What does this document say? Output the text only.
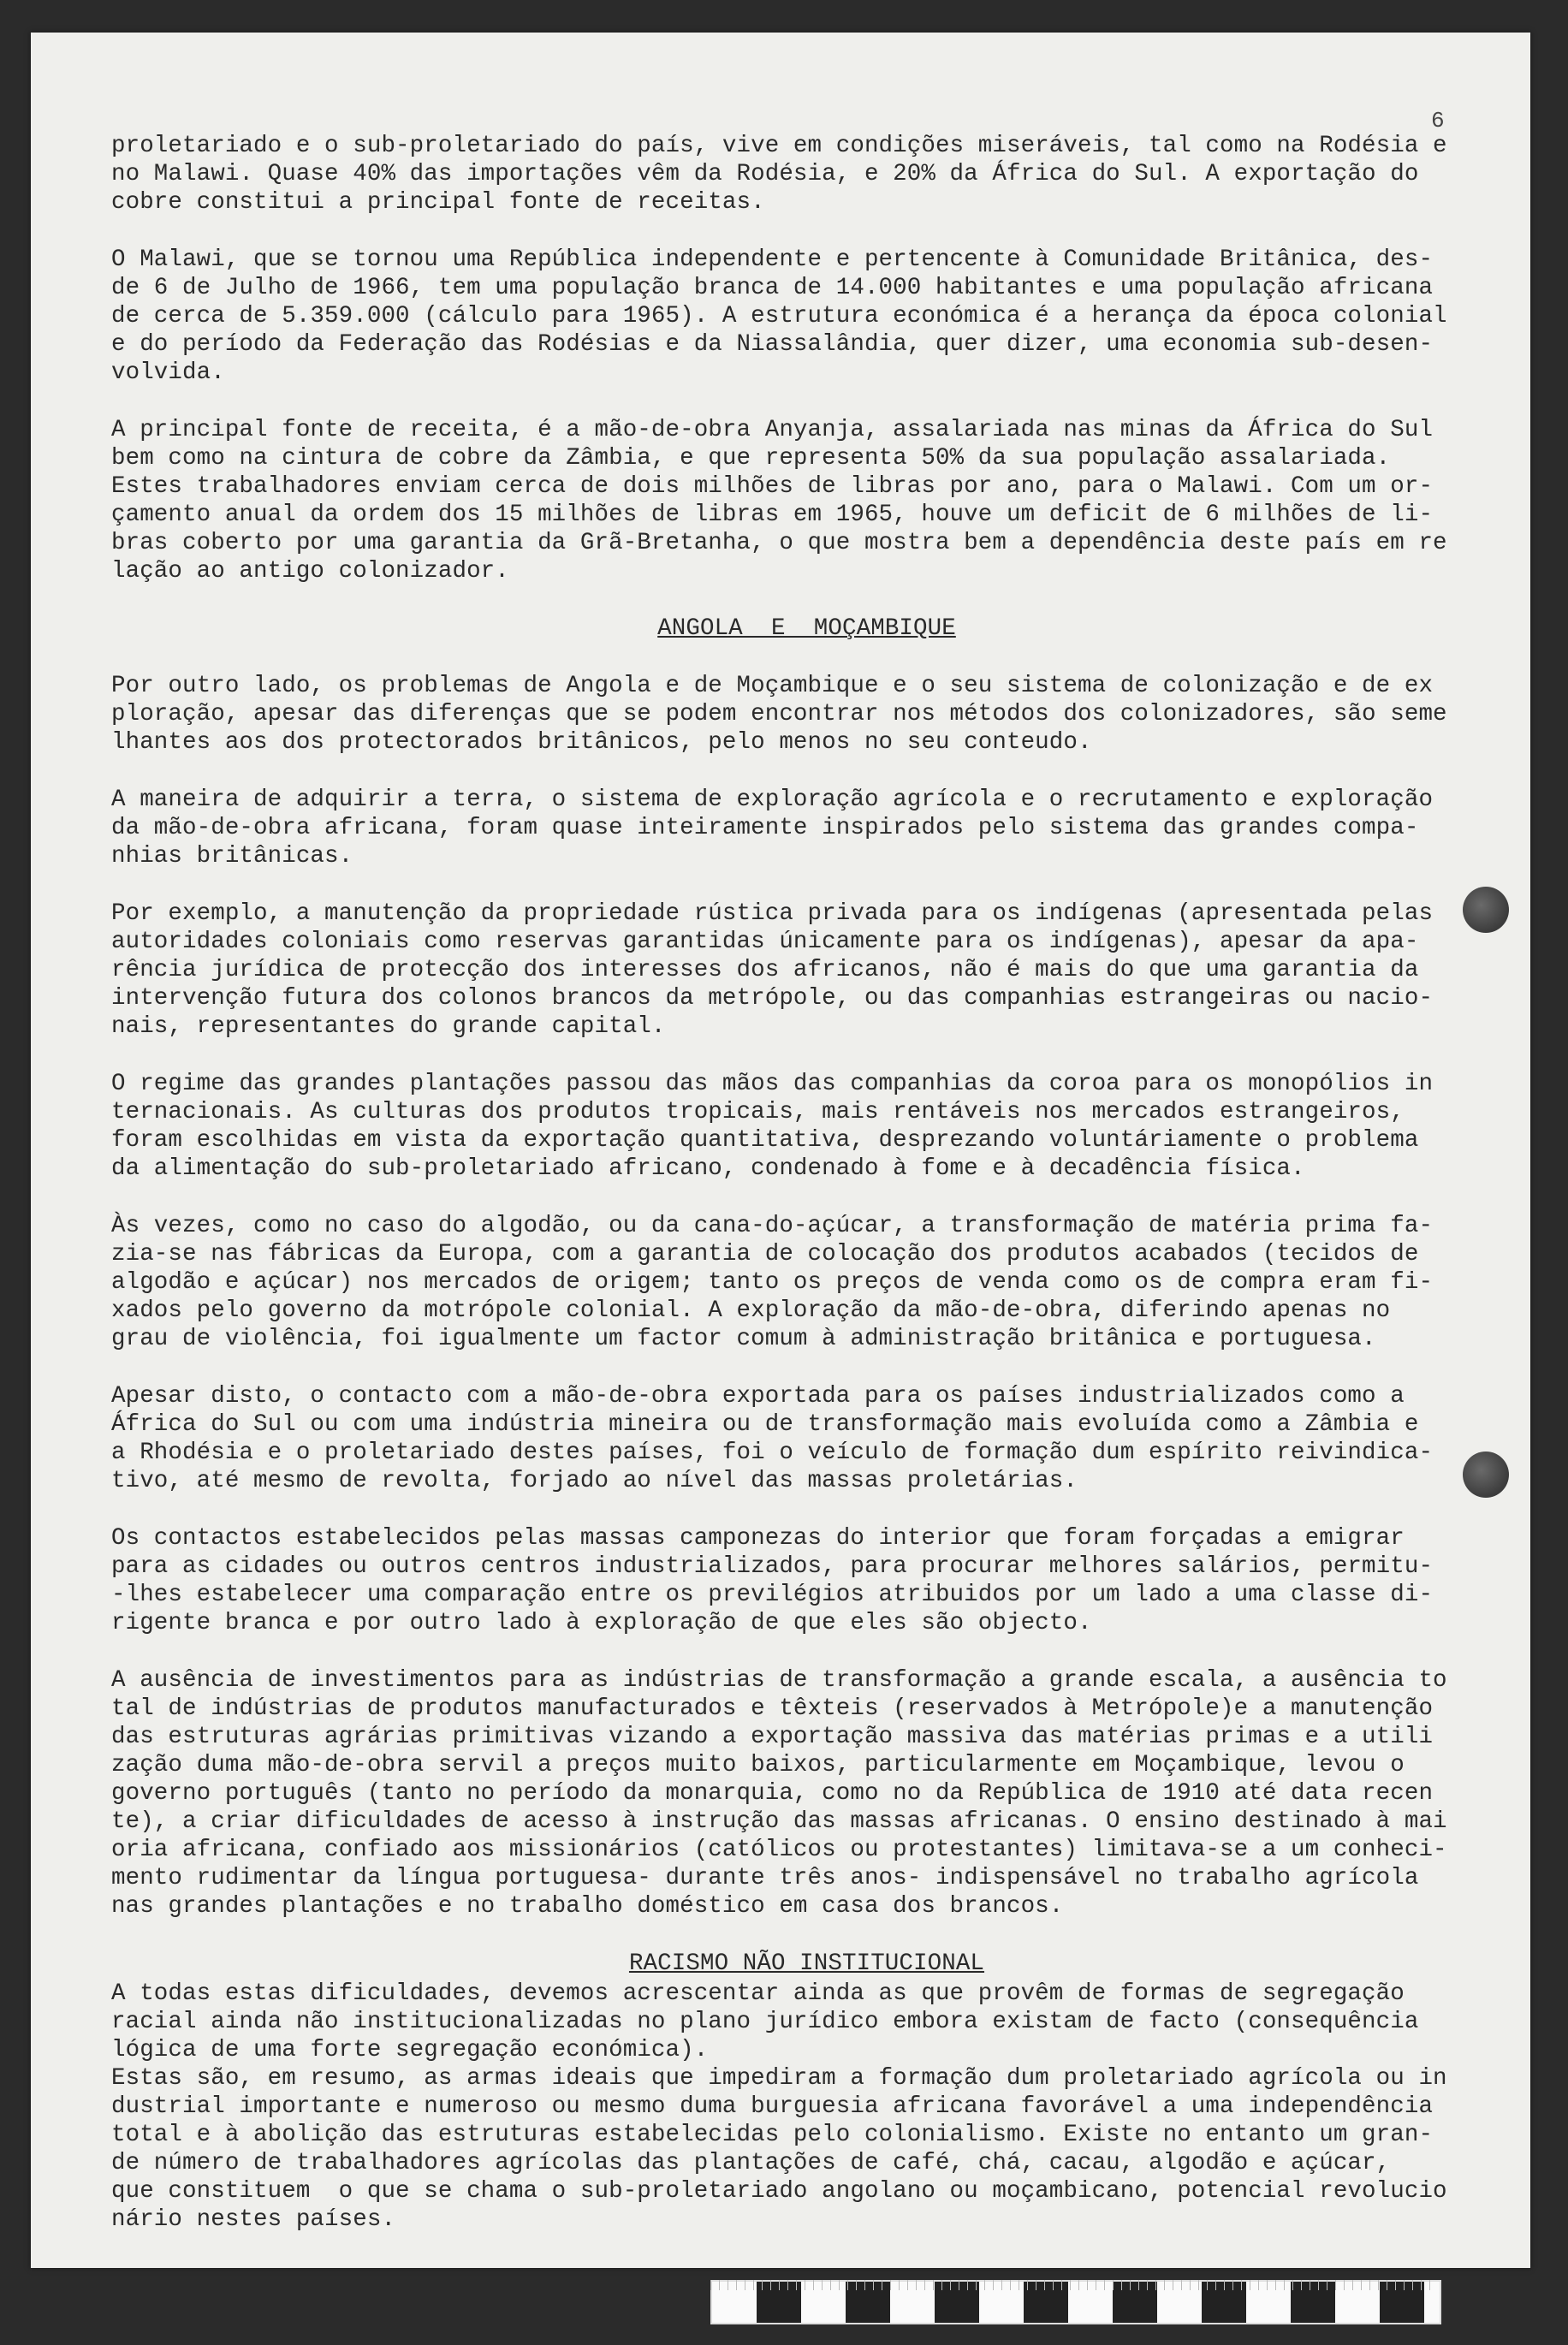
6
proletariado e o sub-proletariado do país, vive em condições miseráveis, tal como na Rodésia e
no Malawi. Quase 40% das importações vêm da Rodésia, e 20% da África do Sul. A exportação do
cobre constitui a principal fonte de receitas.
O Malawi, que se tornou uma República independente e pertencente à Comunidade Britânica, des-
de 6 de Julho de 1966, tem uma população branca de 14.000 habitantes e uma população africana
de cerca de 5.359.000 (cálculo para 1965). A estrutura económica é a herança da época colonial
e do período da Federação das Rodésias e da Niassalândia, quer dizer, uma economia sub-desen-
volvida.
A principal fonte de receita, é a mão-de-obra Anyanja, assalariada nas minas da África do Sul
bem como na cintura de cobre da Zâmbia, e que representa 50% da sua população assalariada.
Estes trabalhadores enviam cerca de dois milhões de libras por ano, para o Malawi. Com um or-
çamento anual da ordem dos 15 milhões de libras em 1965, houve um deficit de 6 milhões de li-
bras coberto por uma garantia da Grã-Bretanha, o que mostra bem a dependência deste país em re
lação ao antigo colonizador.
ANGOLA  E  MOÇAMBIQUE
Por outro lado, os problemas de Angola e de Moçambique e o seu sistema de colonização e de ex
ploração, apesar das diferenças que se podem encontrar nos métodos dos colonizadores, são seme
lhantes aos dos protectorados britânicos, pelo menos no seu conteudo.
A maneira de adquirir a terra, o sistema de exploração agrícola e o recrutamento e exploração
da mão-de-obra africana, foram quase inteiramente inspirados pelo sistema das grandes compa-
nhias britânicas.
Por exemplo, a manutenção da propriedade rústica privada para os indígenas (apresentada pelas
autoridades coloniais como reservas garantidas únicamente para os indígenas), apesar da apa-
rência jurídica de protecção dos interesses dos africanos, não é mais do que uma garantia da
intervenção futura dos colonos brancos da metrópole, ou das companhias estrangeiras ou nacio-
nais, representantes do grande capital.
O regime das grandes plantações passou das mãos das companhias da coroa para os monopólios in
ternacionais. As culturas dos produtos tropicais, mais rentáveis nos mercados estrangeiros,
foram escolhidas em vista da exportação quantitativa, desprezando voluntáriamente o problema
da alimentação do sub-proletariado africano, condenado à fome e à decadência física.
Às vezes, como no caso do algodão, ou da cana-do-açúcar, a transformação de matéria prima fa-
zia-se nas fábricas da Europa, com a garantia de colocação dos produtos acabados (tecidos de
algodão e açúcar) nos mercados de origem; tanto os preços de venda como os de compra eram fi-
xados pelo governo da motrópole colonial. A exploração da mão-de-obra, diferindo apenas no
grau de violência, foi igualmente um factor comum à administração britânica e portuguesa.
Apesar disto, o contacto com a mão-de-obra exportada para os países industrializados como a
África do Sul ou com uma indústria mineira ou de transformação mais evoluída como a Zâmbia e
a Rhodésia e o proletariado destes países, foi o veículo de formação dum espírito reivindica-
tivo, até mesmo de revolta, forjado ao nível das massas proletárias.
Os contactos estabelecidos pelas massas camponezas do interior que foram forçadas a emigrar
para as cidades ou outros centros industrializados, para procurar melhores salários, permitu-
-lhes estabelecer uma comparação entre os previlégios atribuidos por um lado a uma classe di-
rigente branca e por outro lado à exploração de que eles são objecto.
A ausência de investimentos para as indústrias de transformação a grande escala, a ausência to
tal de indústrias de produtos manufacturados e têxteis (reservados à Metrópole)e a manutenção
das estruturas agrárias primitivas vizando a exportação massiva das matérias primas e a utili
zação duma mão-de-obra servil a preços muito baixos, particularmente em Moçambique, levou o
governo português (tanto no período da monarquia, como no da República de 1910 até data recen
te), a criar dificuldades de acesso à instrução das massas africanas. O ensino destinado à mai
oria africana, confiado aos missionários (católicos ou protestantes) limitava-se a um conheci-
mento rudimentar da língua portuguesa- durante três anos- indispensável no trabalho agrícola
nas grandes plantações e no trabalho doméstico em casa dos brancos.
RACISMO NÃO INSTITUCIONAL
A todas estas dificuldades, devemos acrescentar ainda as que provêm de formas de segregação
racial ainda não institucionalizadas no plano jurídico embora existam de facto (consequência
lógica de uma forte segregação económica).
Estas são, em resumo, as armas ideais que impediram a formação dum proletariado agrícola ou in
dustrial importante e numeroso ou mesmo duma burguesia africana favorável a uma independência
total e à abolição das estruturas estabelecidas pelo colonialismo. Existe no entanto um gran-
de número de trabalhadores agrícolas das plantações de café, chá, cacau, algodão e açúcar,
que constituem  o que se chama o sub-proletariado angolano ou moçambicano, potencial revolucio
nário nestes países.
